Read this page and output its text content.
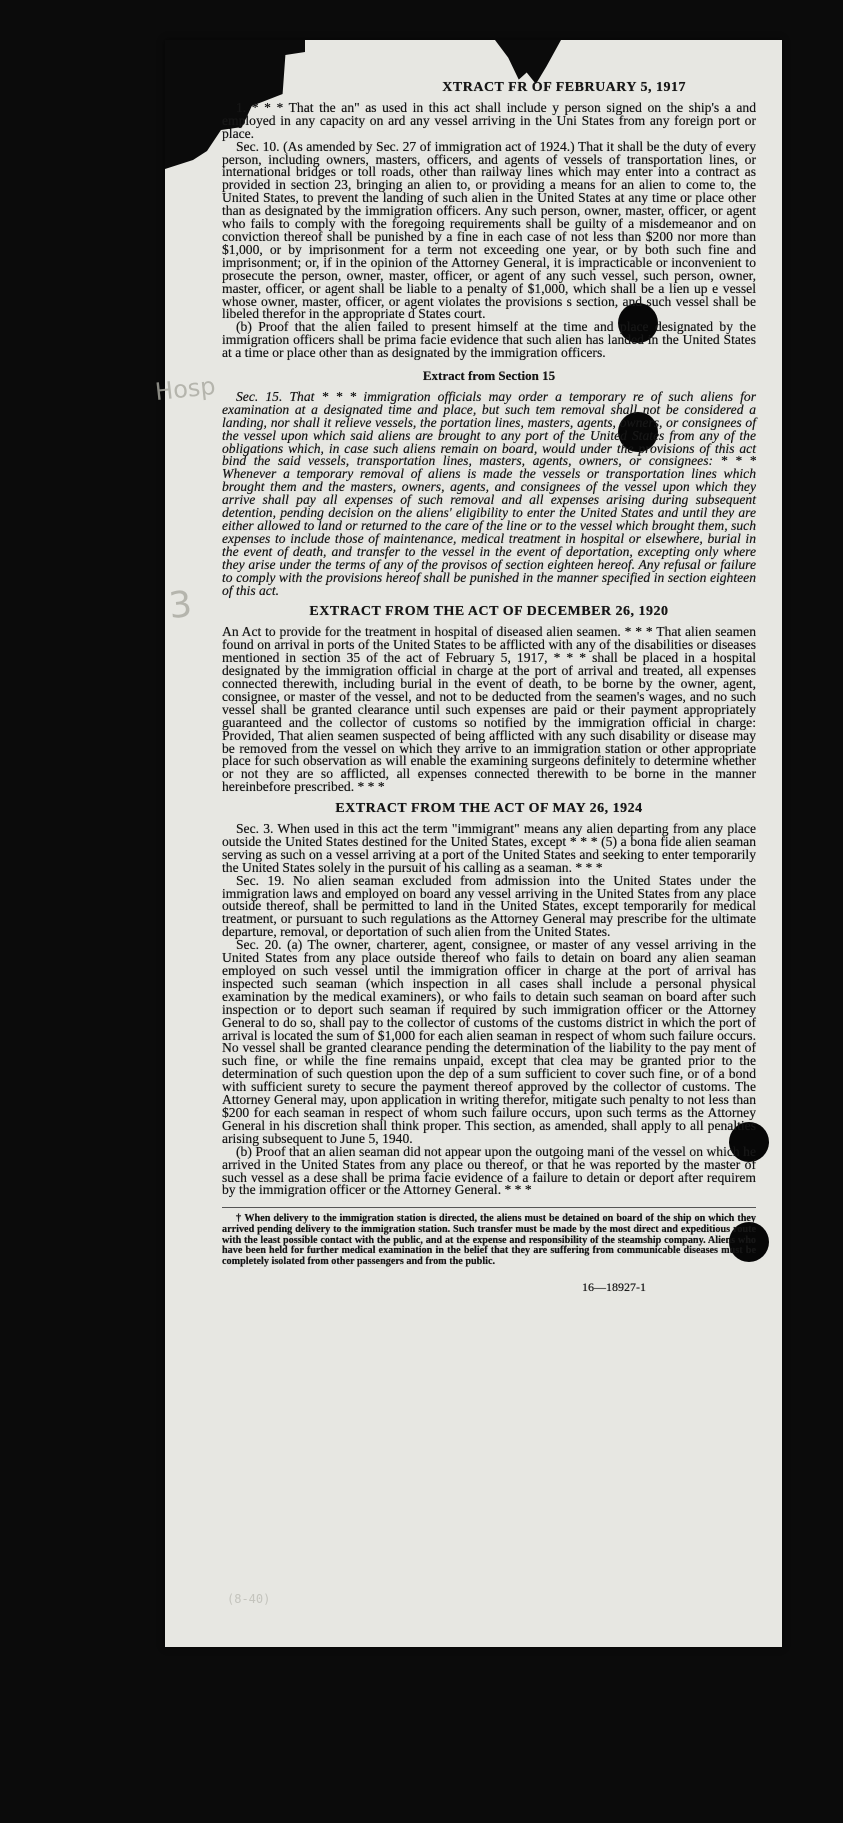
Hosp
3
XTRACT FR OF FEBRUARY 5, 1917

1. * * * That the an" as used in this act shall include y person signed on the ship's a and employed in any capacity on ard any vessel arriving in the Uni States from any foreign port or place.

Sec. 10. (As amended by Sec. 27 of immigration act of 1924.) That it shall be the duty of every person, including owners, masters, officers, and agents of vessels of transportation lines, or international bridges or toll roads, other than railway lines which may enter into a contract as provided in section 23, bringing an alien to, or providing a means for an alien to come to, the United States, to prevent the landing of such alien in the United States at any time or place other than as designated by the immigration officers. Any such person, owner, master, officer, or agent who fails to comply with the foregoing requirements shall be guilty of a misdemeanor and on conviction thereof shall be punished by a fine in each case of not less than $200 nor more than $1,000, or by imprisonment for a term not exceeding one year, or by both such fine and imprisonment; or, if in the opinion of the Attorney General, it is impracticable or inconvenient to prosecute the person, owner, master, officer, or agent of any such vessel, such person, owner, master, officer, or agent shall be liable to a penalty of $1,000, which shall be a lien up e vessel whose owner, master, officer, or agent violates the provisions s section, and such vessel shall be libeled therefor in the appropriate d States court.

(b) Proof that the alien failed to present himself at the time and place designated by the immigration officers shall be prima facie evidence that such alien has landed in the United States at a time or place other than as designated by the immigration officers.

Extract from Section 15

Sec. 15. That * * * immigration officials may order a temporary re of such aliens for examination at a designated time and place, but such tem removal shall not be considered a landing, nor shall it relieve vessels, the portation lines, masters, agents, owners, or consignees of the vessel upon which said aliens are brought to any port of the United States from any of the obligations which, in case such aliens remain on board, would under the provisions of this act bind the said vessels, transportation lines, masters, agents, owners, or consignees: * * * Whenever a temporary removal of aliens is made the vessels or transportation lines which brought them and the masters, owners, agents, and consignees of the vessel upon which they arrive shall pay all expenses of such removal and all expenses arising during subsequent detention, pending decision on the aliens' eligibility to enter the United States and until they are either allowed to land or returned to the care of the line or to the vessel which brought them, such expenses to include those of maintenance, medical treatment in hospital or elsewhere, burial in the event of death, and transfer to the vessel in the event of deportation, excepting only where they arise under the terms of any of the provisos of section eighteen hereof. Any refusal or failure to comply with the provisions hereof shall be punished in the manner specified in section eighteen of this act.

EXTRACT FROM THE ACT OF DECEMBER 26, 1920

An Act to provide for the treatment in hospital of diseased alien seamen. * * * That alien seamen found on arrival in ports of the United States to be afflicted with any of the disabilities or diseases mentioned in section 35 of the act of February 5, 1917, * * * shall be placed in a hospital designated by the immigration official in charge at the port of arrival and treated, all expenses connected therewith, including burial in the event of death, to be borne by the owner, agent, consignee, or master of the vessel, and not to be deducted from the seamen's wages, and no such vessel shall be granted clearance until such expenses are paid or their payment appropriately guaranteed and the collector of customs so notified by the immigration official in charge: Provided, That alien seamen suspected of being afflicted with any such disability or disease may be removed from the vessel on which they arrive to an immigration station or other appropriate place for such observation as will enable the examining surgeons definitely to determine whether or not they are so afflicted, all expenses connected therewith to be borne in the manner hereinbefore prescribed. * * *

EXTRACT FROM THE ACT OF MAY 26, 1924

Sec. 3. When used in this act the term "immigrant" means any alien departing from any place outside the United States destined for the United States, except * * * (5) a bona fide alien seaman serving as such on a vessel arriving at a port of the United States and seeking to enter temporarily the United States solely in the pursuit of his calling as a seaman. * * *

Sec. 19. No alien seaman excluded from admission into the United States under the immigration laws and employed on board any vessel arriving in the United States from any place outside thereof, shall be permitted to land in the United States, except temporarily for medical treatment, or pursuant to such regulations as the Attorney General may prescribe for the ultimate departure, removal, or deportation of such alien from the United States.

Sec. 20. (a) The owner, charterer, agent, consignee, or master of any vessel arriving in the United States from any place outside thereof who fails to detain on board any alien seaman employed on such vessel until the immigration officer in charge at the port of arrival has inspected such seaman (which inspection in all cases shall include a personal physical examination by the medical examiners), or who fails to detain such seaman on board after such inspection or to deport such seaman if required by such immigration officer or the Attorney General to do so, shall pay to the collector of customs of the customs district in which the port of arrival is located the sum of $1,000 for each alien seaman in respect of whom such failure occurs. No vessel shall be granted clearance pending the determination of the liability to the pay ment of such fine, or while the fine remains unpaid, except that clea may be granted prior to the determination of such question upon the dep of a sum sufficient to cover such fine, or of a bond with sufficient surety to secure the payment thereof approved by the collector of customs. The Attorney General may, upon application in writing therefor, mitigate such penalty to not less than $200 for each seaman in respect of whom such failure occurs, upon such terms as the Attorney General in his discretion shall think proper. This section, as amended, shall apply to all penalties arising subsequent to June 5, 1940.

(b) Proof that an alien seaman did not appear upon the outgoing mani of the vessel on which he arrived in the United States from any place ou thereof, or that he was reported by the master of such vessel as a dese shall be prima facie evidence of a failure to detain or deport after requirem by the immigration officer or the Attorney General. * * *

† When delivery to the immigration station is directed, the aliens must be detained on board of the ship on which they arrived pending delivery to the immigration station. Such transfer must be made by the most direct and expeditious route with the least possible contact with the public, and at the expense and responsibility of the steamship company. Aliens who have been held for further medical examination in the belief that they are suffering from communicable diseases must be completely isolated from other passengers and from the public.

16—18927-1
(8-40)
